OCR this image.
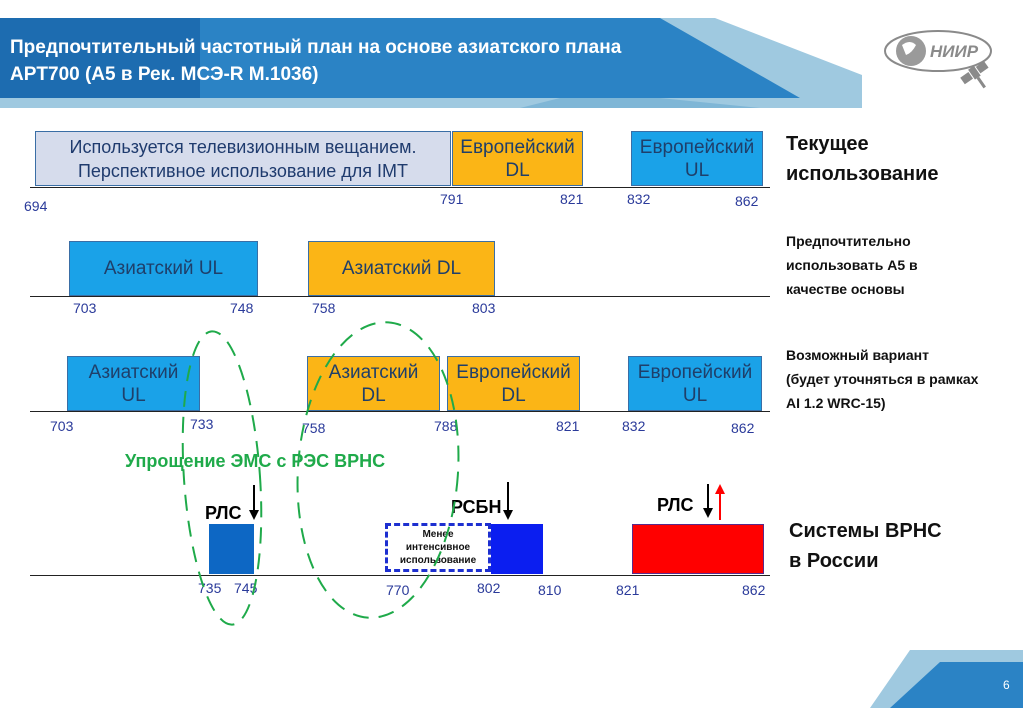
Предпочтительный частотный план на основе азиатского плана
APT700 (A5 в Рек. МСЭ-R M.1036)
НИИР
Используется телевизионным вещанием.
Перспективное использование для IMT
Европейский
DL
Европейский
UL
694	791	821	832	862
Текущее
использование
Азиатский UL	Азиатский DL
703	748	758	803
Предпочтительно
использовать А5 в
качестве основы
Азиатский
UL
Азиатский
DL
Европейский
DL
Европейский
UL
703	733	758	788	821	832	862
Возможный вариант
(будет уточняться в рамках
AI 1.2 WRC-15)
Упрощение ЭМС с РЭС ВРНС
Менее
интенсивное
использование
РЛС	РСБН	РЛС
735 745	770	802	810	821	862
Системы ВРНС
в России
6
